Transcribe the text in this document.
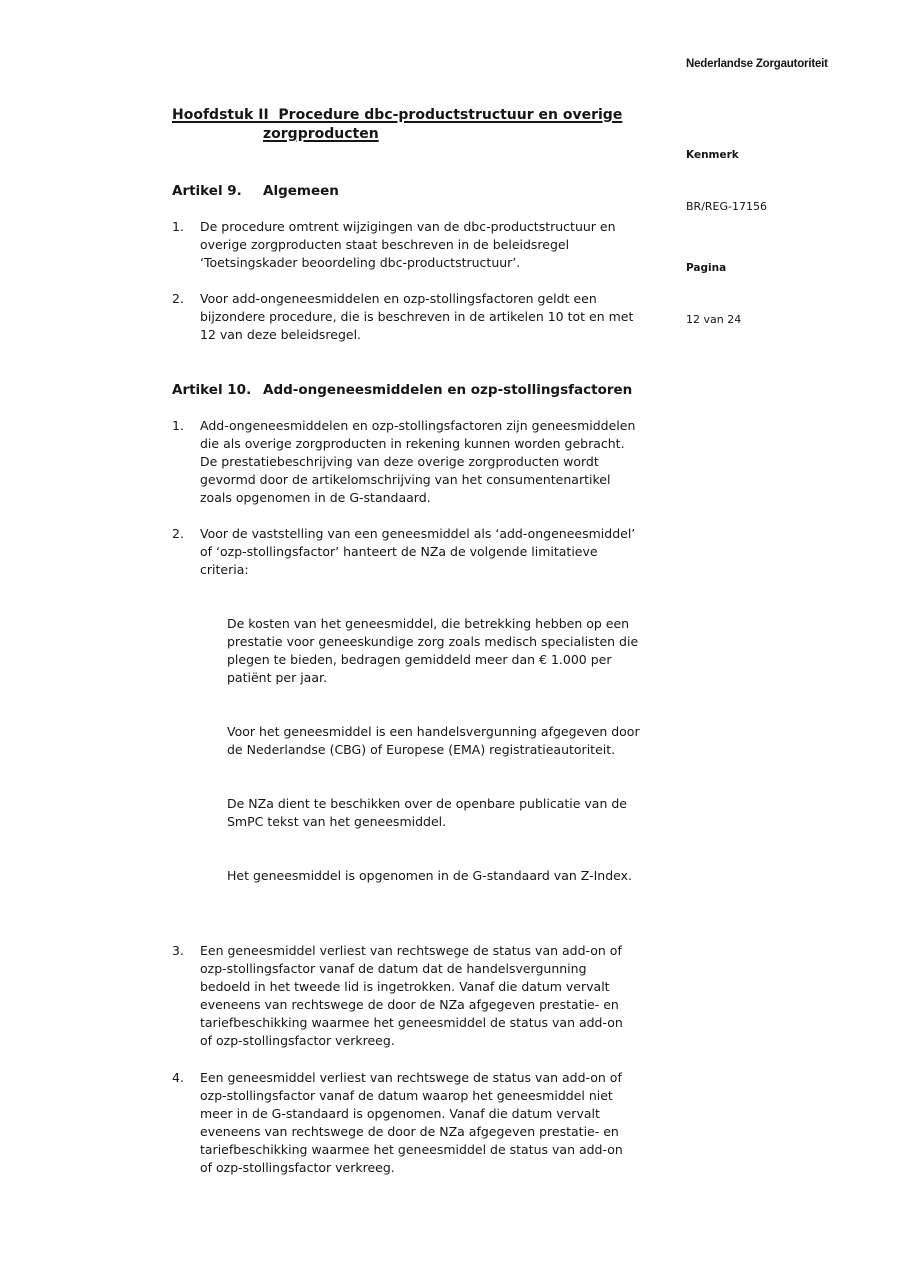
Nederlandse Zorgautoriteit

Kenmerk

BR/REG-17156

Pagina

12 van 24

Hoofdstuk II  Procedure dbc-productstructuur en overige
zorgproducten
Artikel 9.	Algemeen
1.	De procedure omtrent wijzigingen van de dbc-productstructuur en
overige zorgproducten staat beschreven in de beleidsregel
‘Toetsingskader beoordeling dbc-productstructuur’.
2.	Voor add-ongeneesmiddelen en ozp-stollingsfactoren geldt een
bijzondere procedure, die is beschreven in de artikelen 10 tot en met
12 van deze beleidsregel.
Artikel 10. Add-ongeneesmiddelen en ozp-stollingsfactoren
1.	Add-ongeneesmiddelen en ozp-stollingsfactoren zijn geneesmiddelen
die als overige zorgproducten in rekening kunnen worden gebracht.
De prestatiebeschrijving van deze overige zorgproducten wordt
gevormd door de artikelomschrijving van het consumentenartikel
zoals opgenomen in de G-standaard.
2.	Voor de vaststelling van een geneesmiddel als ‘add-ongeneesmiddel’
of ‘ozp-stollingsfactor’ hanteert de NZa de volgende limitatieve
criteria:

De kosten van het geneesmiddel, die betrekking hebben op een
prestatie voor geneeskundige zorg zoals medisch specialisten die
plegen te bieden, bedragen gemiddeld meer dan € 1.000 per
patiënt per jaar.

Voor het geneesmiddel is een handelsvergunning afgegeven door
de Nederlandse (CBG) of Europese (EMA) registratieautoriteit.

De NZa dient te beschikken over de openbare publicatie van de
SmPC tekst van het geneesmiddel.

Het geneesmiddel is opgenomen in de G-standaard van Z-Index.

3.	Een geneesmiddel verliest van rechtswege de status van add-on of
ozp-stollingsfactor vanaf de datum dat de handelsvergunning
bedoeld in het tweede lid is ingetrokken. Vanaf die datum vervalt
eveneens van rechtswege de door de NZa afgegeven prestatie- en
tariefbeschikking waarmee het geneesmiddel de status van add-on
of ozp-stollingsfactor verkreeg.
4.	Een geneesmiddel verliest van rechtswege de status van add-on of
ozp-stollingsfactor vanaf de datum waarop het geneesmiddel niet
meer in de G-standaard is opgenomen. Vanaf die datum vervalt
eveneens van rechtswege de door de NZa afgegeven prestatie- en
tariefbeschikking waarmee het geneesmiddel de status van add-on
of ozp-stollingsfactor verkreeg.
